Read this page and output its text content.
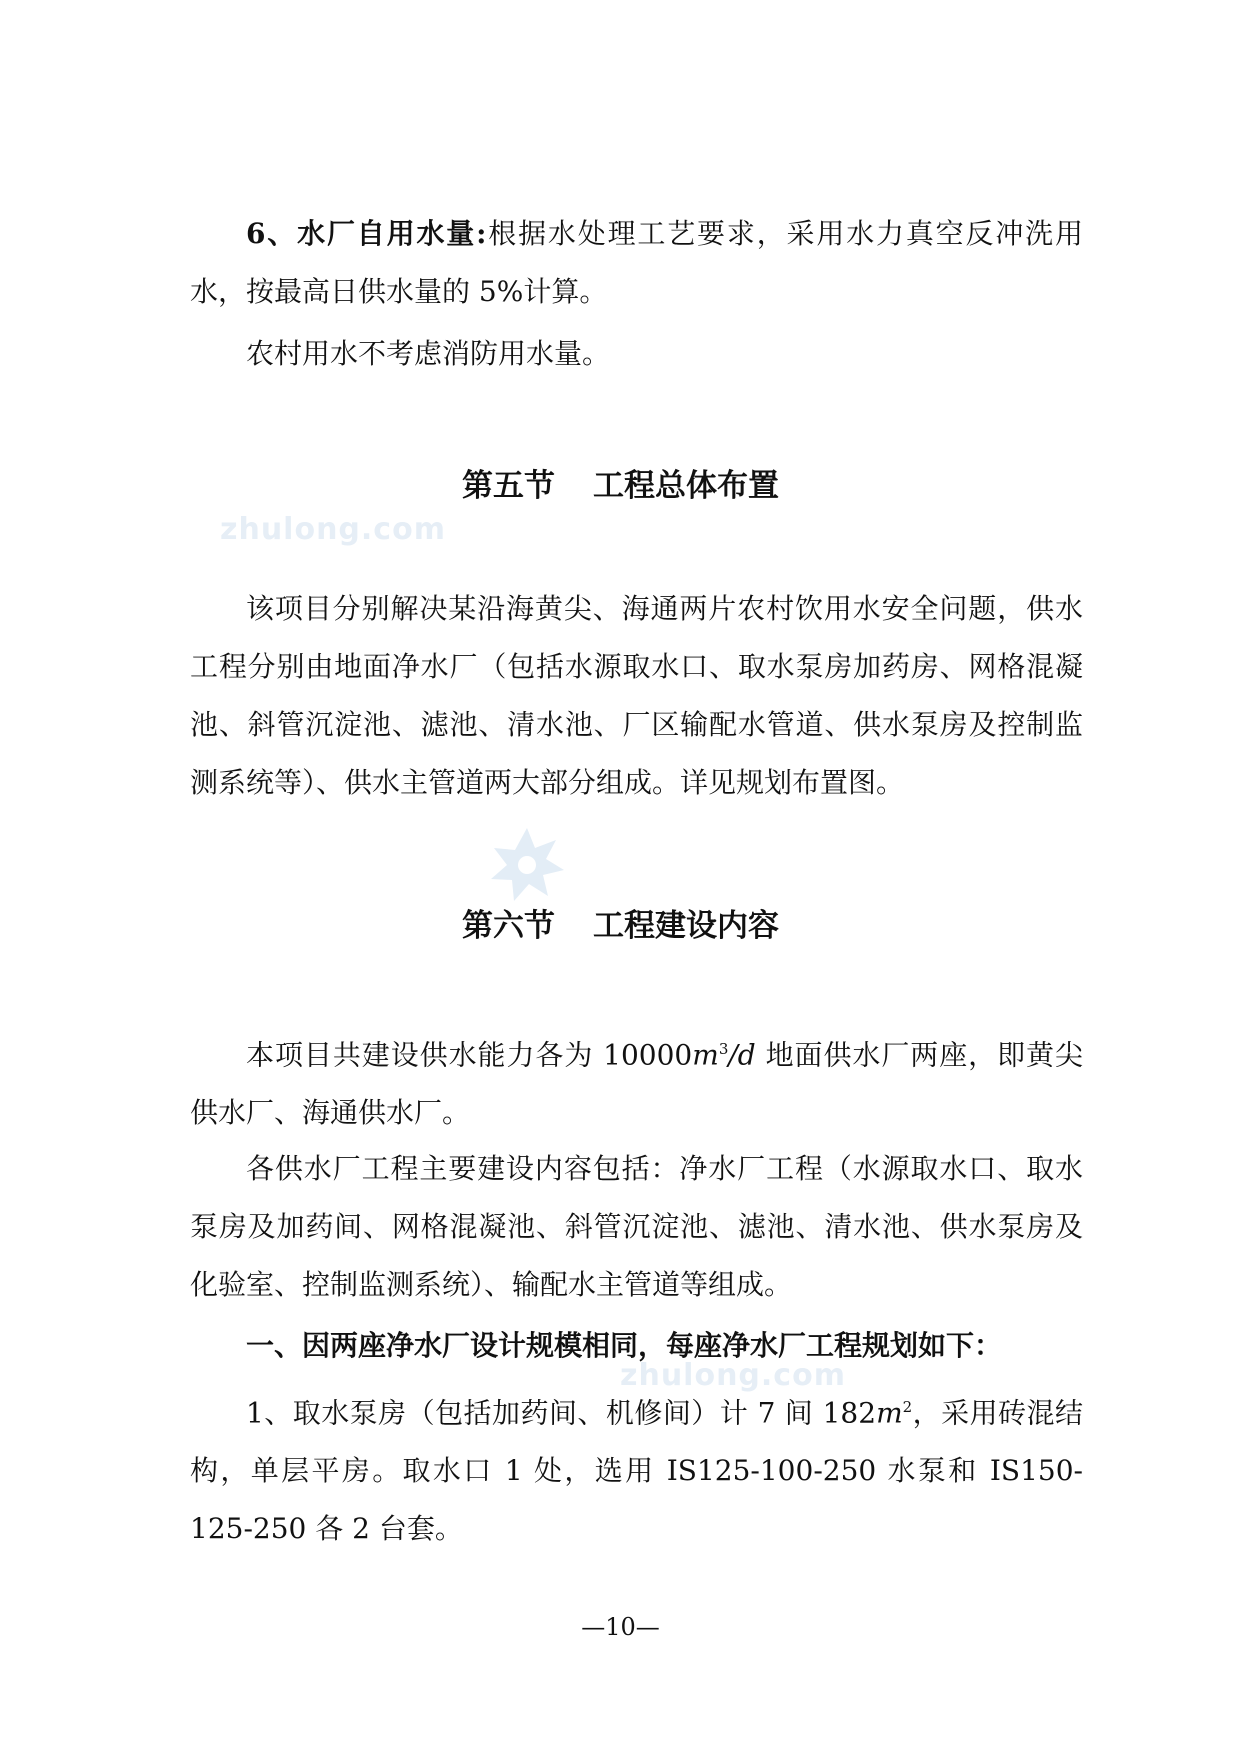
zhulong.com
zhulong.com

6、水厂自用水量:根据水处理工艺要求，采用水力真空反冲洗用水，按最高日供水量的 5%计算。

农村用水不考虑消防用水量。

第五节 工程总体布置

该项目分别解决某沿海黄尖、海通两片农村饮用水安全问题，供水工程分别由地面净水厂（包括水源取水口、取水泵房加药房、网格混凝池、斜管沉淀池、滤池、清水池、厂区输配水管道、供水泵房及控制监测系统等）、供水主管道两大部分组成。详见规划布置图。

第六节 工程建设内容

本项目共建设供水能力各为 $10000m^3/d$ 地面供水厂两座，即黄尖供水厂、海通供水厂。

各供水厂工程主要建设内容包括：净水厂工程（水源取水口、取水泵房及加药间、网格混凝池、斜管沉淀池、滤池、清水池、供水泵房及化验室、控制监测系统）、输配水主管道等组成。

一、因两座净水厂设计规模相同，每座净水厂工程规划如下：

1、取水泵房（包括加药间、机修间）计 7 间 $182m^2$，采用砖混结构，单层平房。取水口 1 处，选用 IS125-100-250 水泵和 IS150-125-250 各 2 台套。

—10—
